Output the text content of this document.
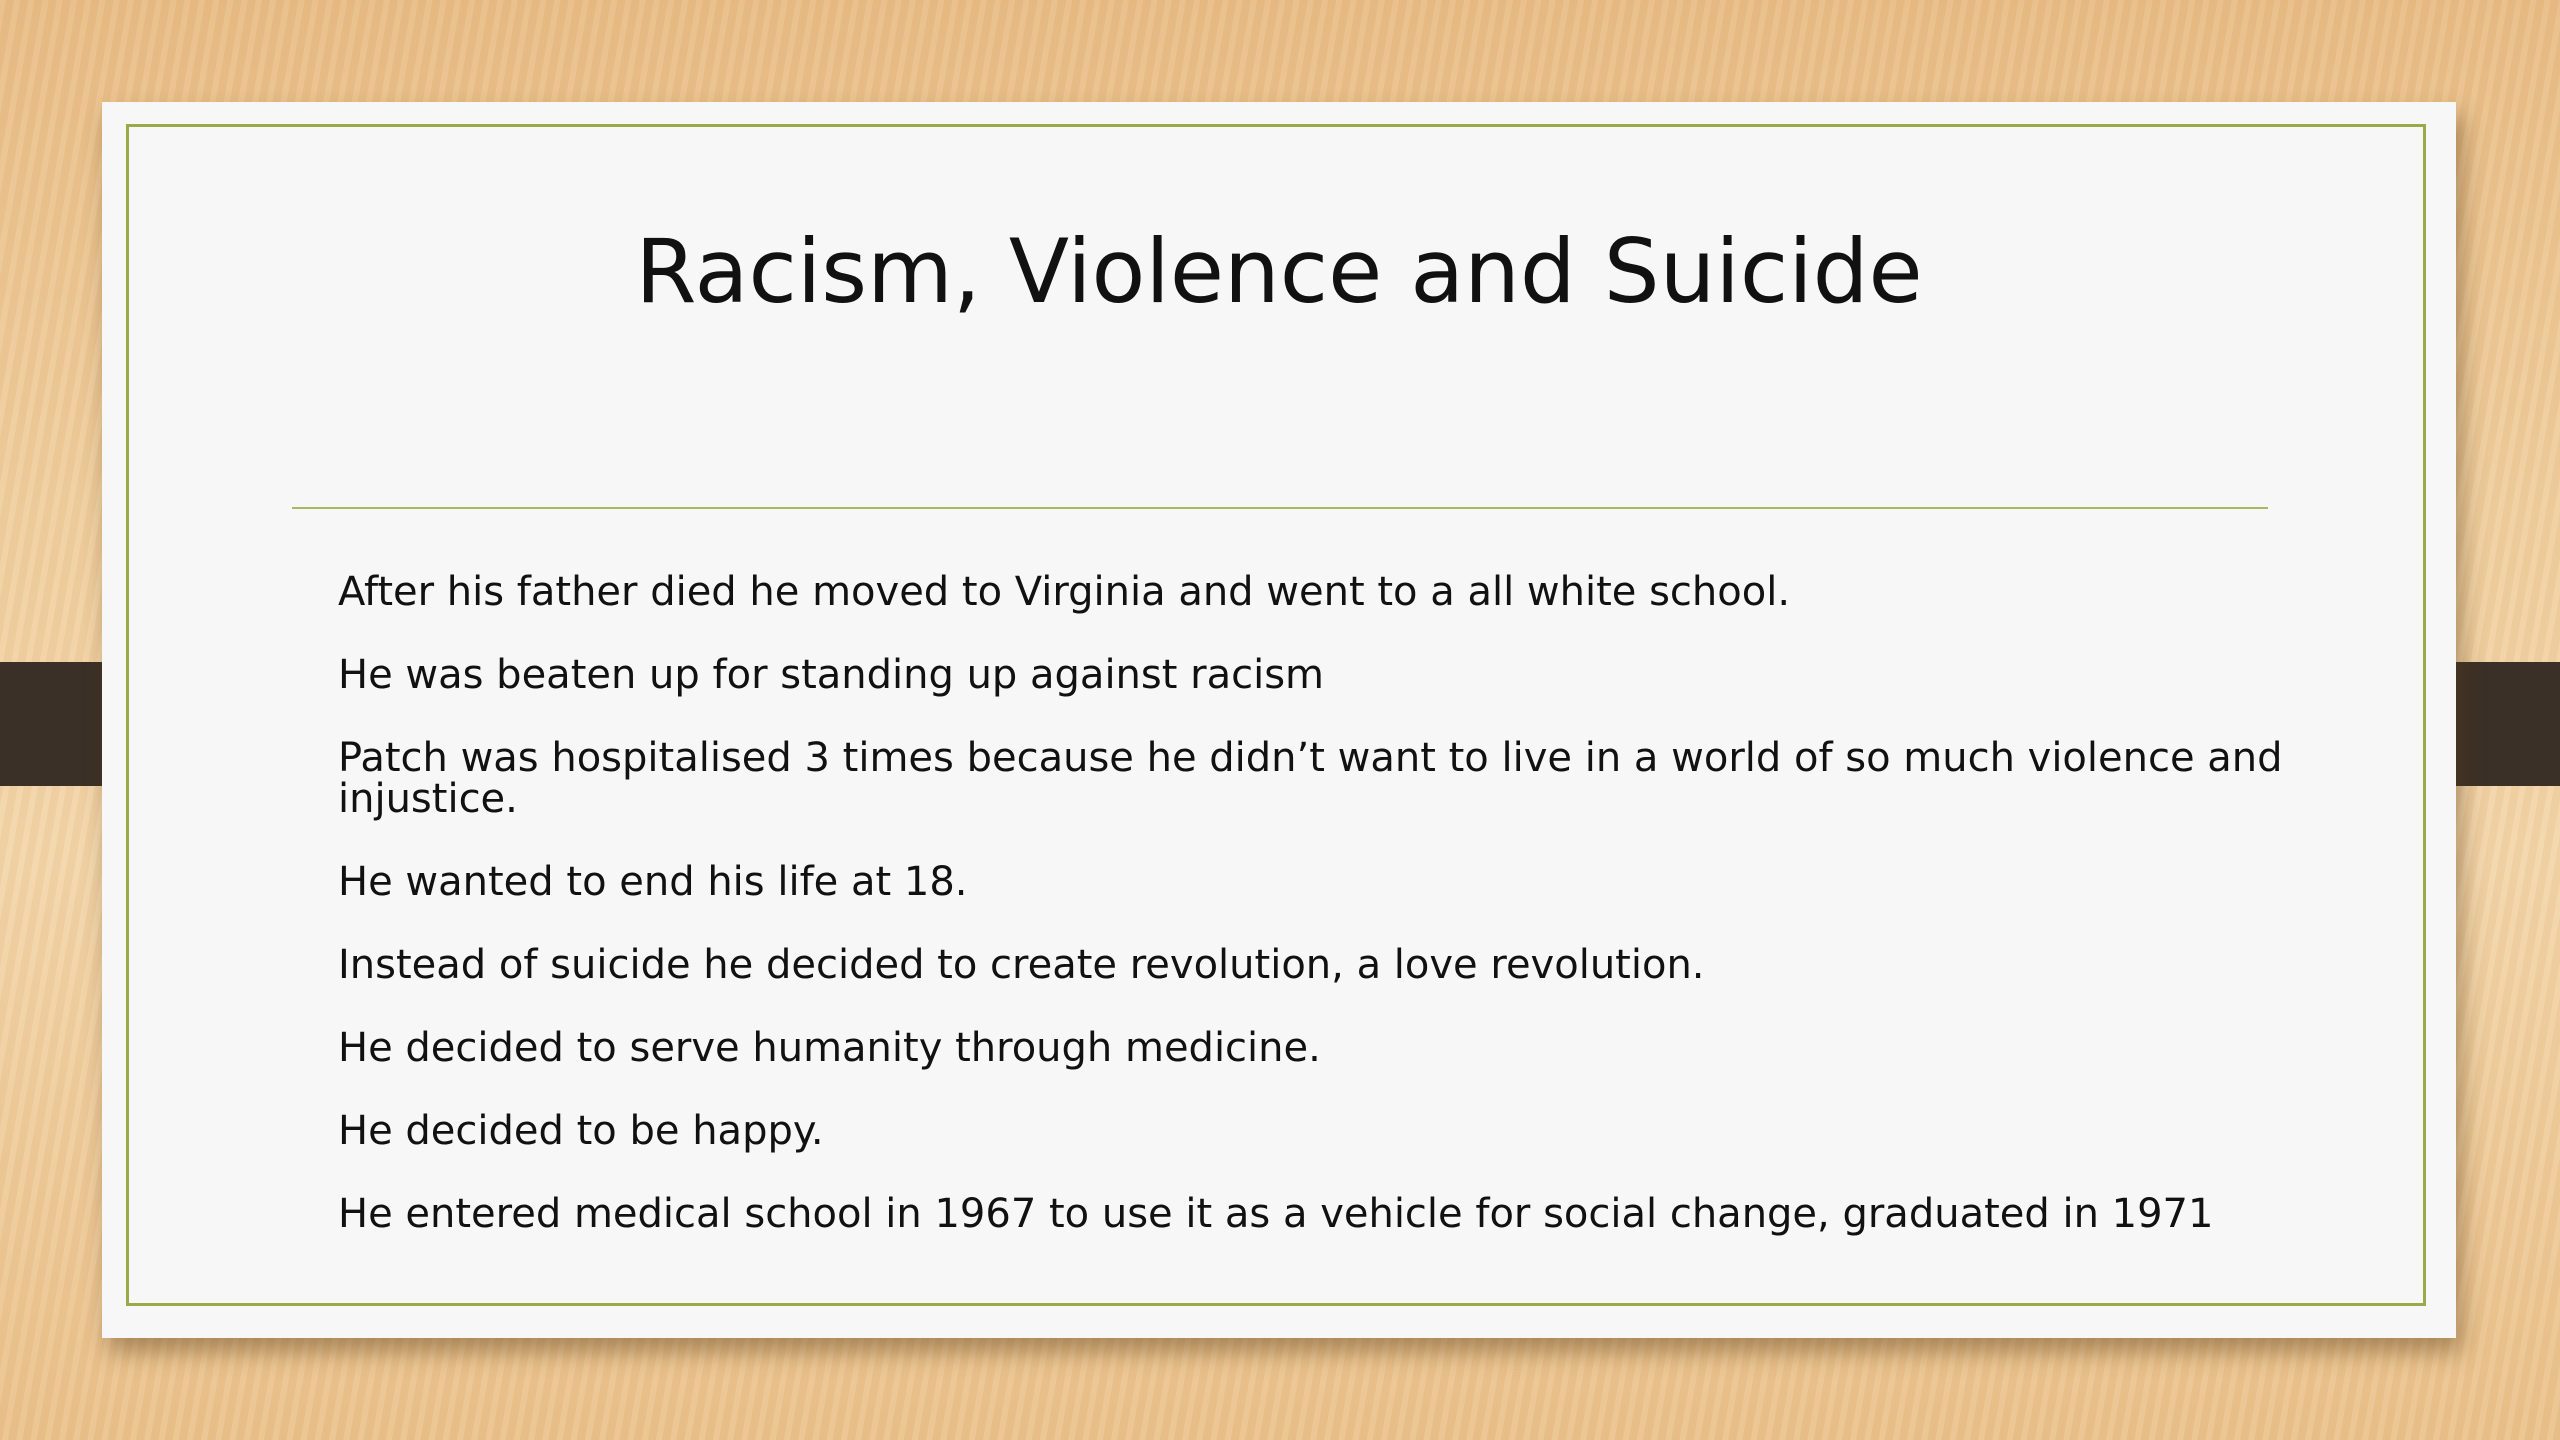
Racism, Violence and Suicide
After his father died he moved to Virginia and went to a all white school.
He was beaten up for standing up against racism
Patch was hospitalised 3 times because he didn’t want to live in a world of so much violence and injustice.
He wanted to end his life at 18.
Instead of suicide he decided to create revolution, a love revolution.
He decided to serve humanity through medicine.
He decided to be happy.
He entered medical school in 1967 to use it as a vehicle for social change, graduated in 1971
